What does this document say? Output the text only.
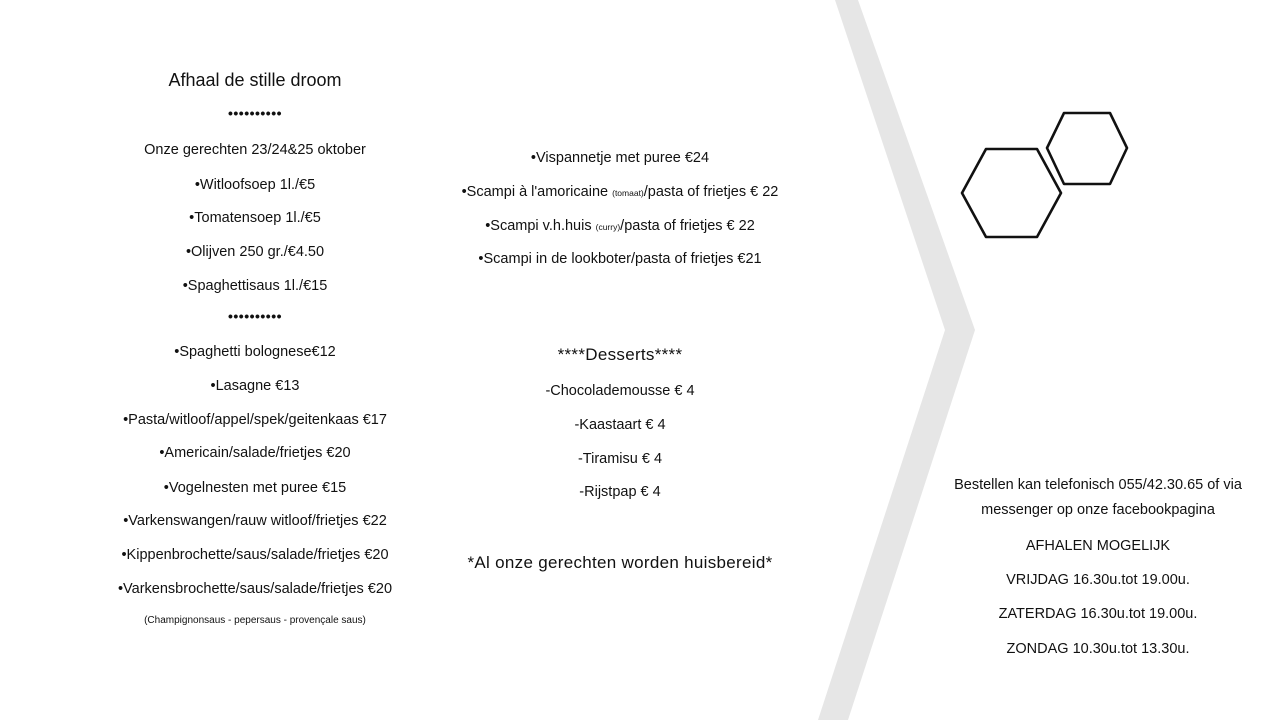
Afhaal de stille droom
••••••••••
Onze gerechten 23/24&25 oktober
•Witloofsoep 1l./€5
•Tomatensoep 1l./€5
•Olijven 250 gr./€4.50
•Spaghettisaus 1l./€15
••••••••••
•Spaghetti bolognese€12
•Lasagne €13
•Pasta/witloof/appel/spek/geitenkaas €17
•Americain/salade/frietjes €20
•Vogelnesten met puree €15
•Varkenswangen/rauw witloof/frietjes €22
•Kippenbrochette/saus/salade/frietjes €20
•Varkensbrochette/saus/salade/frietjes €20
(Champignonsaus - pepersaus - provençale saus)
•Vispannetje met puree €24
•Scampi à l'amoricaine (tomaat)/pasta of frietjes € 22
•Scampi v.h.huis (curry)/pasta of frietjes € 22
•Scampi in de lookboter/pasta of frietjes €21
****Desserts****
-Chocolademousse € 4
-Kaastaart € 4
-Tiramisu € 4
-Rijstpap € 4
*Al onze gerechten worden huisbereid*
Bestellen kan telefonisch 055/42.30.65 of via
messenger op onze facebookpagina
AFHALEN MOGELIJK
VRIJDAG 16.30u.tot 19.00u.
ZATERDAG 16.30u.tot 19.00u.
ZONDAG 10.30u.tot 13.30u.
